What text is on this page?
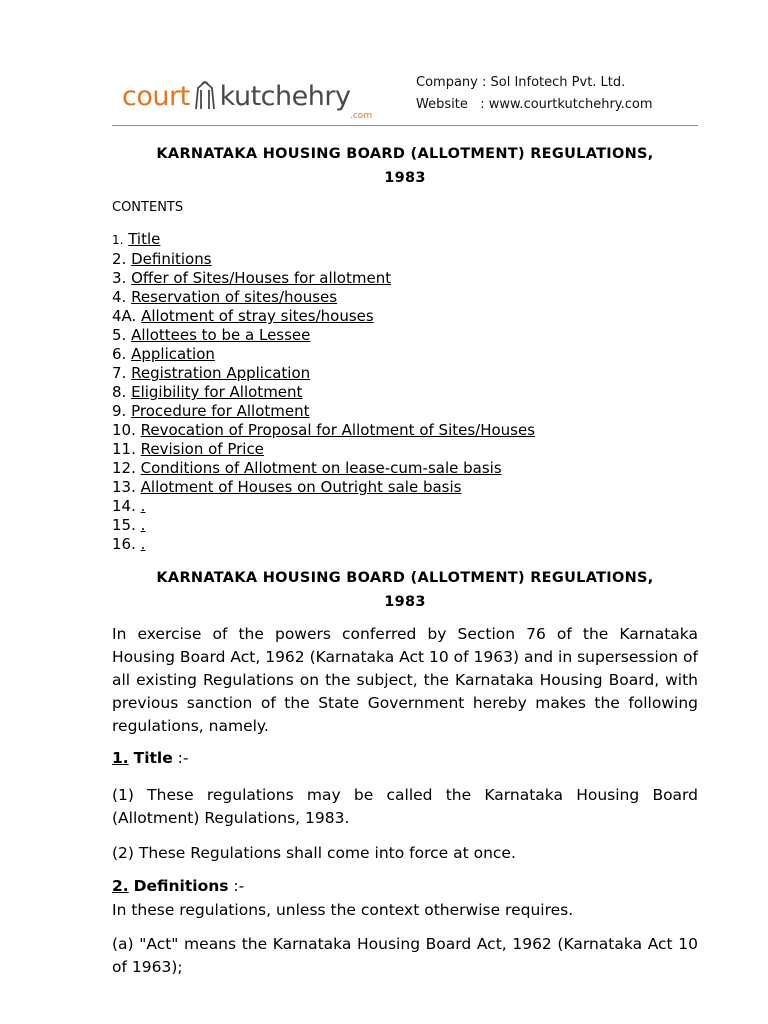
court kutchehry
.com
Company : Sol Infotech Pvt. Ltd.
Website   : www.courtkutchehry.com
KARNATAKA HOUSING BOARD (ALLOTMENT) REGULATIONS,
1983
CONTENTS
1. Title
2. Definitions
3. Offer of Sites/Houses for allotment
4. Reservation of sites/houses
4A. Allotment of stray sites/houses
5. Allottees to be a Lessee
6. Application
7. Registration Application
8. Eligibility for Allotment
9. Procedure for Allotment
10. Revocation of Proposal for Allotment of Sites/Houses
11. Revision of Price
12. Conditions of Allotment on lease-cum-sale basis
13. Allotment of Houses on Outright sale basis
14. .
15. .
16. .
KARNATAKA HOUSING BOARD (ALLOTMENT) REGULATIONS,
1983
In exercise of the powers conferred by Section 76 of the Karnataka Housing Board Act, 1962 (Karnataka Act 10 of 1963) and in supersession of all existing Regulations on the subject, the Karnataka Housing Board, with previous sanction of the State Government hereby makes the following regulations, namely.
1. Title :-
(1) These regulations may be called the Karnataka Housing Board (Allotment) Regulations, 1983.
(2) These Regulations shall come into force at once.
2. Definitions :-
In these regulations, unless the context otherwise requires.
(a) "Act" means the Karnataka Housing Board Act, 1962 (Karnataka Act 10 of 1963);
